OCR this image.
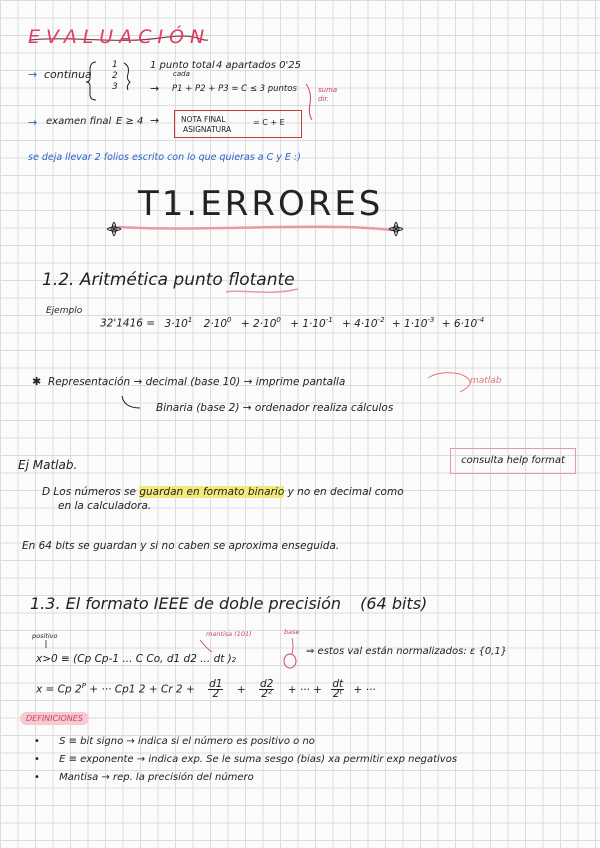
EVALUACIÓN
→ continua
1
2
3
1 punto total
cada
4 apartados 0'25
→ P1 + P2 + P3 = C ≤ 3 puntos	suma dir.
→ examen final E ≥ 4 →	NOTA FINAL
ASIGNATURA
= C + E
se deja llevar 2 folios escrito con lo que quieras a C y E :)
T1.ERRORES
1.2. Aritmética punto flotante
Ejemplo
$32'1416 = 3\cdot 10^1$ $2\cdot 10^0 + 2\cdot 10^0 + 1\cdot 10^{-1} + 4\cdot 10^{-2} + 1\cdot 10^{-3} + 6\cdot 10^{-4}$
✱ Representación → decimal (base 10) → imprime pantalla
Binaria (base 2) → ordenador realiza cálculos
matlab
Ej Matlab.	consulta help format
D Los números se guardan en formato binario y no en decimal como
en la calculadora.
En 64 bits se guardan y si no caben se aproxima enseguida.
1.3. El formato IEEE de doble precisión (64 bits)
positivo	mantisa (101)	base
x>0 ≡ (Cp Cp-1 ... C Co, d1 d2 ... dt )2
⇒ estos val están normalizados: ε {0,1}
x = Cp $2^P$ + ··· Cp1 2 + Cr $2 + \frac{d1}{2} + \frac{d2}{\text{2²}}$ + ··· + $\frac{dt}{\text{2ᵗ}}$ + ···
DEFINICIONES
• S ≡ bit signo → indica si el número es positivo o no
• E ≡ exponente → indica exp. Se le suma sesgo (bias) xa permitir exp negativos
• Mantisa → rep. la precisión del número
